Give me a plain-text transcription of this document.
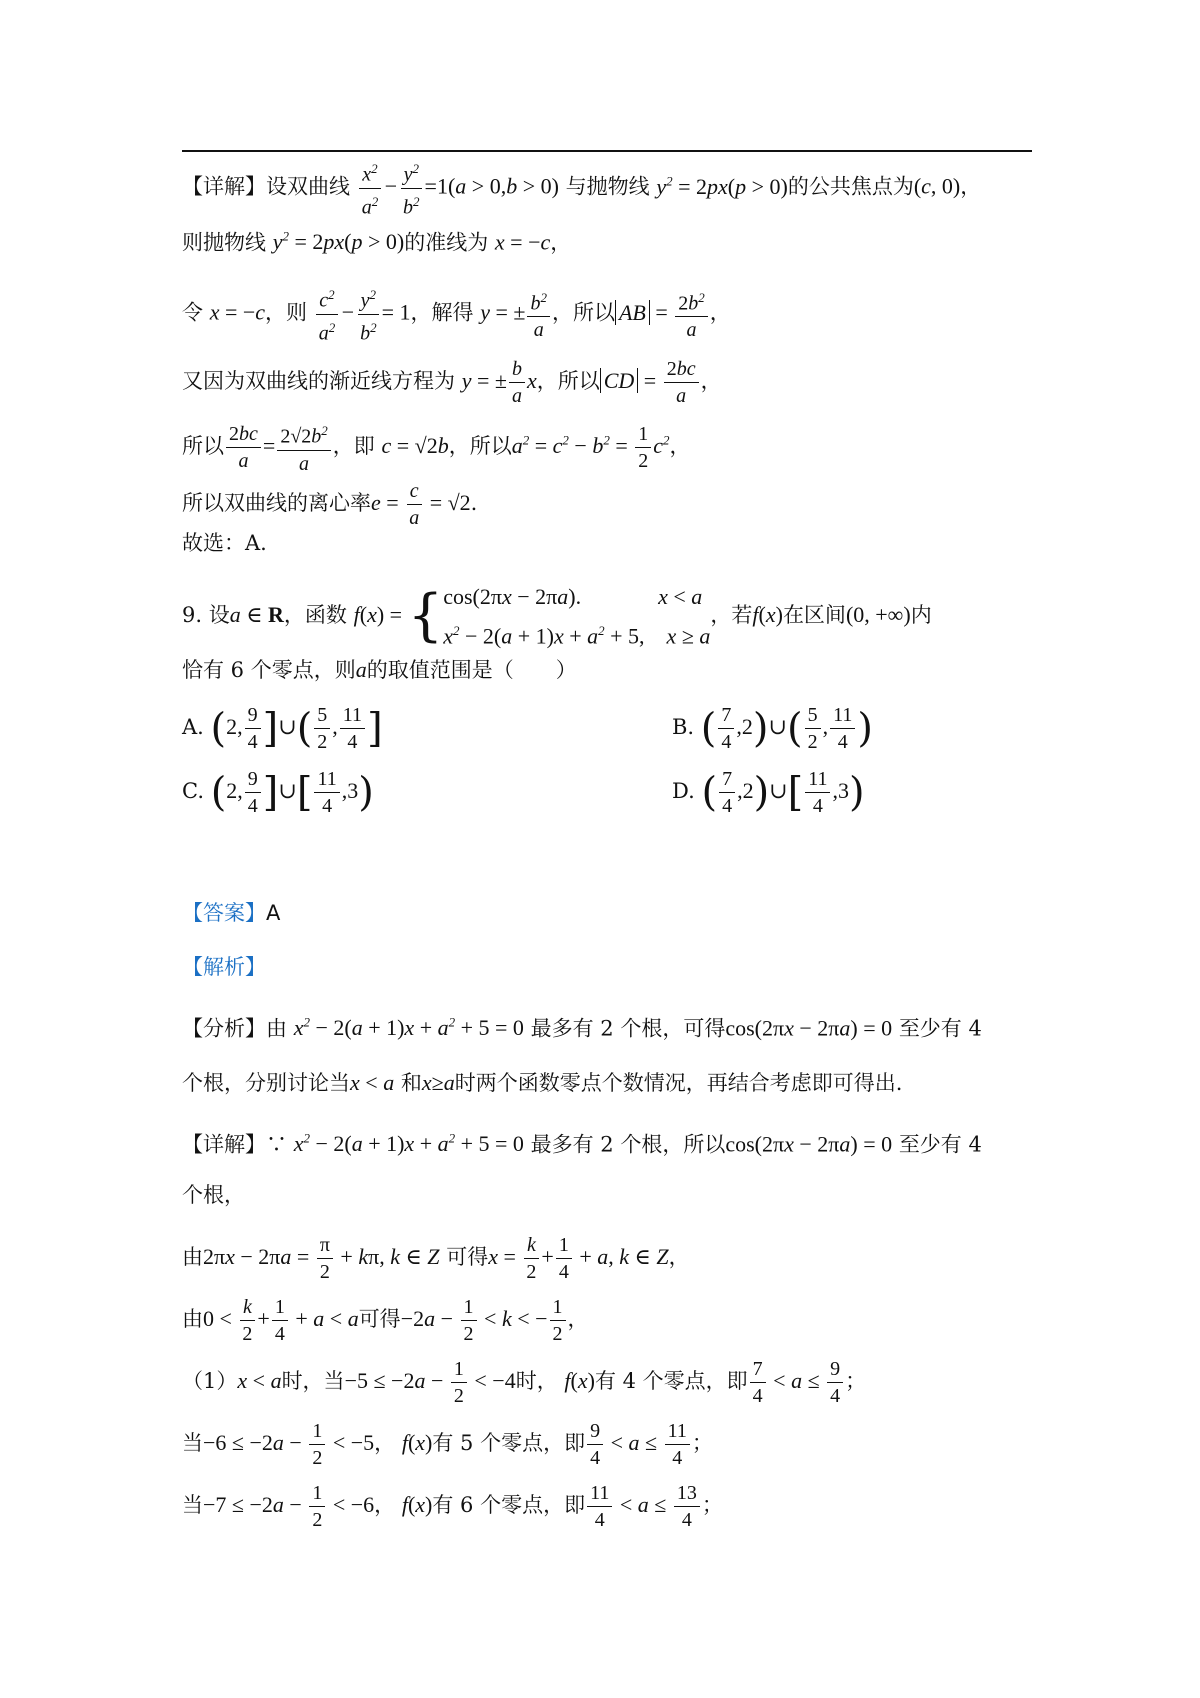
【详解】设双曲线 $\frac{x^2}{a^2} - \frac{y^2}{b^2} =1(a > 0,b > 0)$ 与抛物线 $y^2 = 2px(p > 0)$的公共焦点为(c, 0)，
则抛物线 $y^2 = 2px(p > 0)$的准线为 x = −c，
令 x = −c，则 $\frac{c^2}{a^2} - \frac{y^2}{b^2} = 1$，解得 y = ± $\frac{b^2}{a}$ ，所以 AB = $\frac{2b^2}{a}$ ，
又因为双曲线的渐近线方程为 y = ± $\frac{b}{a}$ x，所以 CD = $\frac{2bc}{a}$ ，
所以 $\frac{2bc}{a} = \frac{2√2b^2}{a}$ ，即 c = √2b，所以$a^2 = c^2 - b^2 = \frac{1}{2} c^2$，
所以双曲线的离心率$e = \frac{c}{a} = √2$.
故选：A.
9. 设a ∈ R，函数 f(x) = {cos(2πx − 2πa).              x < a
$x^2 - 2(a + 1)x + a^2 + 5$,    x ≥ a，若f(x)在区间(0, +∞)内
恰有 6 个零点，则a的取值范围是（　　）
A. (2, $\frac{9}{4}$ ]∪( $\frac{5}{2}$ , $\frac{11}{4}$ ]	B. ( $\frac{7}{4}$ ,2)∪( $\frac{5}{2}$ , $\frac{11}{4}$ )
C. (2, $\frac{9}{4}$ ]∪[ $\frac{11}{4} ,3$)	D. ( $\frac{7}{4}$ ,2)∪[ $\frac{11}{4} ,3$)
【答案】A
【解析】
【分析】由 $x^2 - 2(a + 1)x + a^2 + 5 = 0$ 最多有 2 个根，可得cos(2πx − 2πa) = 0 至少有 4
个根，分别讨论当x < a 和x≥a时两个函数零点个数情况，再结合考虑即可得出.
【详解】∵ $x^2 - 2(a + 1)x + a^2 + 5 = 0$ 最多有 2 个根，所以cos(2πx − 2πa) = 0 至少有 4
个根，
由$2\pi x - 2\pi a = \frac{\pi}{2} + k\pi$, k ∈ Z 可得$x = \frac{k}{2} + \frac{1}{4} + a$, k ∈ Z，
由$0 < \frac{k}{2} + \frac{1}{4} + a < a$可得$-2a - \frac{1}{2} < k$ < − $\frac{1}{2}$ ，
（1）x < a时，当$-5 \le -2a - \frac{1}{2} < -4$时， f(x)有 4 个零点，即 $\frac{7}{4} < a \le \frac{9}{4}$ ；
当$-6 \le -2a - \frac{1}{2} < -5$， f(x)有 5 个零点，即 $\frac{9}{4} < a \le \frac{11}{4}$ ；
当$-7 \le -2a - \frac{1}{2} < -6$， f(x)有 6 个零点，即 $\frac{11}{4} < a \le \frac{13}{4}$ ；
